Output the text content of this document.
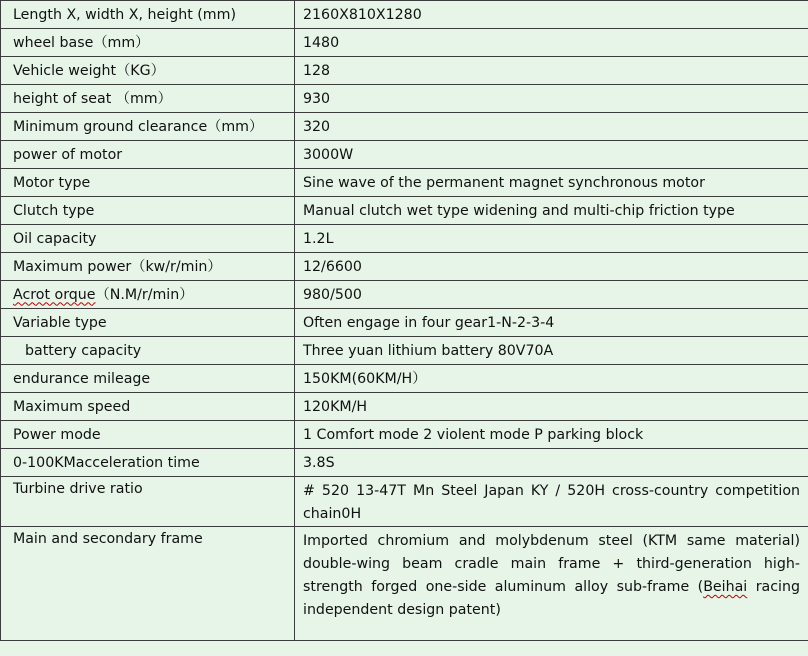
Length X, width X, height (mm)	2160X810X1280
wheel base（mm）	1480
Vehicle weight（KG）	128
height of seat （mm）	930
Minimum ground clearance（mm）	320
power of motor	3000W
Motor type	Sine wave of the permanent magnet synchronous motor
Clutch type	Manual clutch wet type widening and multi-chip friction type
Oil capacity	1.2L
Maximum power（kw/r/min）	12/6600
Acrot orque（N.M/r/min）	980/500
Variable type	Often engage in four gear1-N-2-3-4
battery capacity	Three yuan lithium battery 80V70A
endurance mileage	150KM(60KM/H）
Maximum speed	120KM/H
Power mode	1 Comfort mode 2 violent mode P parking block
0-100KMacceleration time	3.8S
Turbine drive ratio	# 520 13-47T Mn Steel Japan KY / 520H cross-country competition chain0H
Main and secondary frame	Imported chromium and molybdenum steel (KTM same material) double-wing beam cradle main frame + third-generation high-strength forged one-side aluminum alloy sub-frame (Beihai racing independent design patent)
